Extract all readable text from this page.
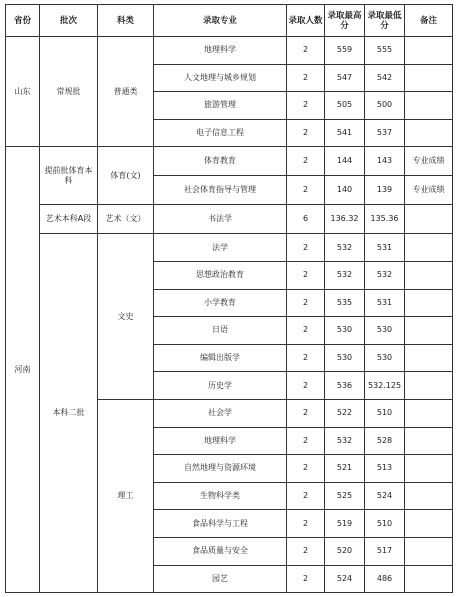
省份	批次	科类	录取专业	录取人数	录取最高分	录取最低分	备注
山东	常规批	普通类	地理科学	2	559	555	
			人文地理与城乡规划	2	547	542	
			旅游管理	2	505	500	
			电子信息工程	2	541	537	
河南	提前批体育本科	体育(文)	体育教育	2	144	143	专业成绩
			社会体育指导与管理	2	140	139	专业成绩
	艺术本科A段	艺术（文）	书法学	6	136.32	135.36	
	本科二批	文史	法学	2	532	531	
			思想政治教育	2	532	532	
			小学教育	2	535	531	
			日语	2	530	530	
			编辑出版学	2	530	530	
			历史学	2	536	532.125	
		理工	社会学	2	522	510	
			地理科学	2	532	528	
			自然地理与资源环境	2	521	513	
			生物科学类	2	525	524	
			食品科学与工程	2	519	510	
			食品质量与安全	2	520	517	
			园艺	2	524	486	
